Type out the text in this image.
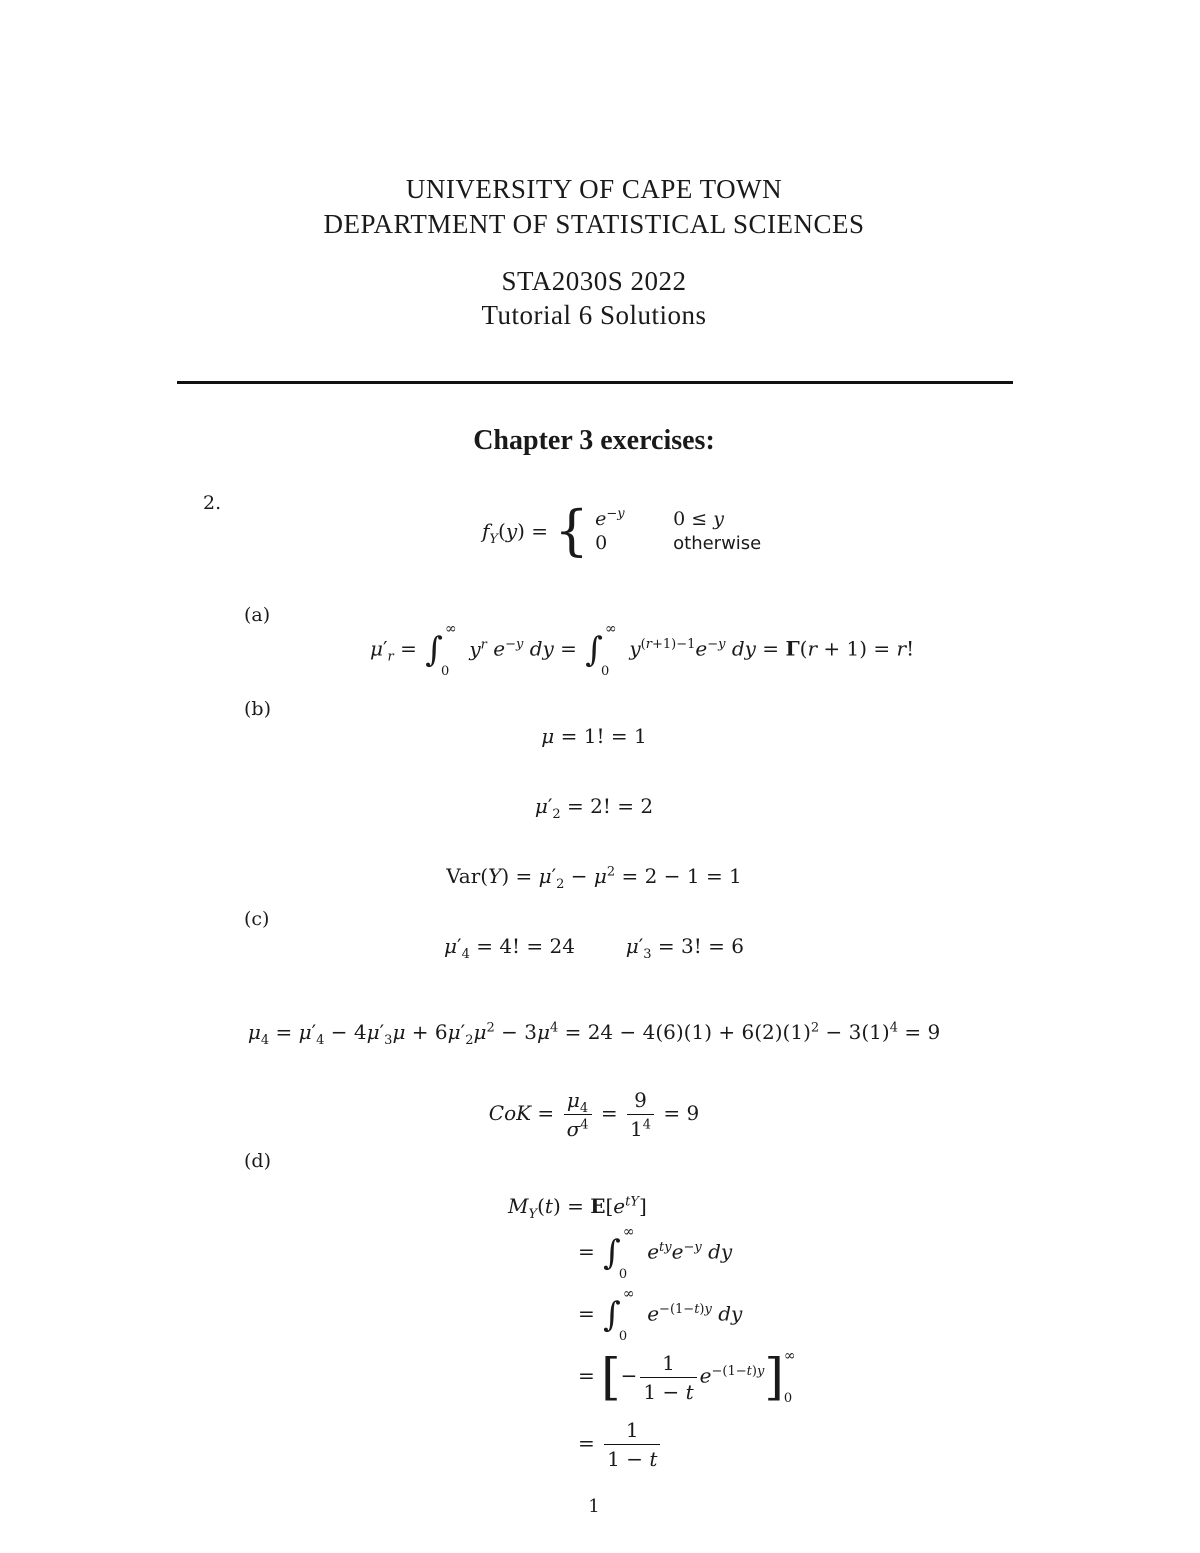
UNIVERSITY OF CAPE TOWN
DEPARTMENT OF STATISTICAL SCIENCES
STA2030S 2022
Tutorial 6 Solutions
Chapter 3 exercises:
2.
$f_Y(y)$ = { $e^{-y}$	0 ≤ y
0	otherwise
(a)
(b)
(c)
(d)
$\mu'_r$ = ∫
∞
0
$y^r$ $e^{-y}$ dy = ∫
∞
0
$y^{(r+1)-1}e^{-y}$ dy = Γ(r + 1) = r!
μ = 1! = 1
$\mu'_2 = 2$! = 2
$Var(Y) = \mu'_2 - \mu^2 = 2 - 1 = 1$
$\mu'_4 = 4$! = 24  $\mu'_3 = 3$! = 6
$\mu_4 = \mu'_4 - 4\mu'_3\mu + 6\mu'_2\mu^2 - 3\mu^4 = 24 - 4(6)(1) + 6(2)(1)^2 - 3(1)^4 = 9$
CoK = $\frac{\mu_4}{\sigma^4} = \frac{9}{1^4} = 9$
$M_Y(t) = E[e^{tY}]$
= ∫
∞
0
$e^{ty}e^{-y}$ dy
= ∫
∞
0
$e^{-(1-t)y}$ dy
= [− $\frac{1}{1 - t} e^{-(1-t)y}$] ∞
0
= $\frac{1}{1 - t}$
1
